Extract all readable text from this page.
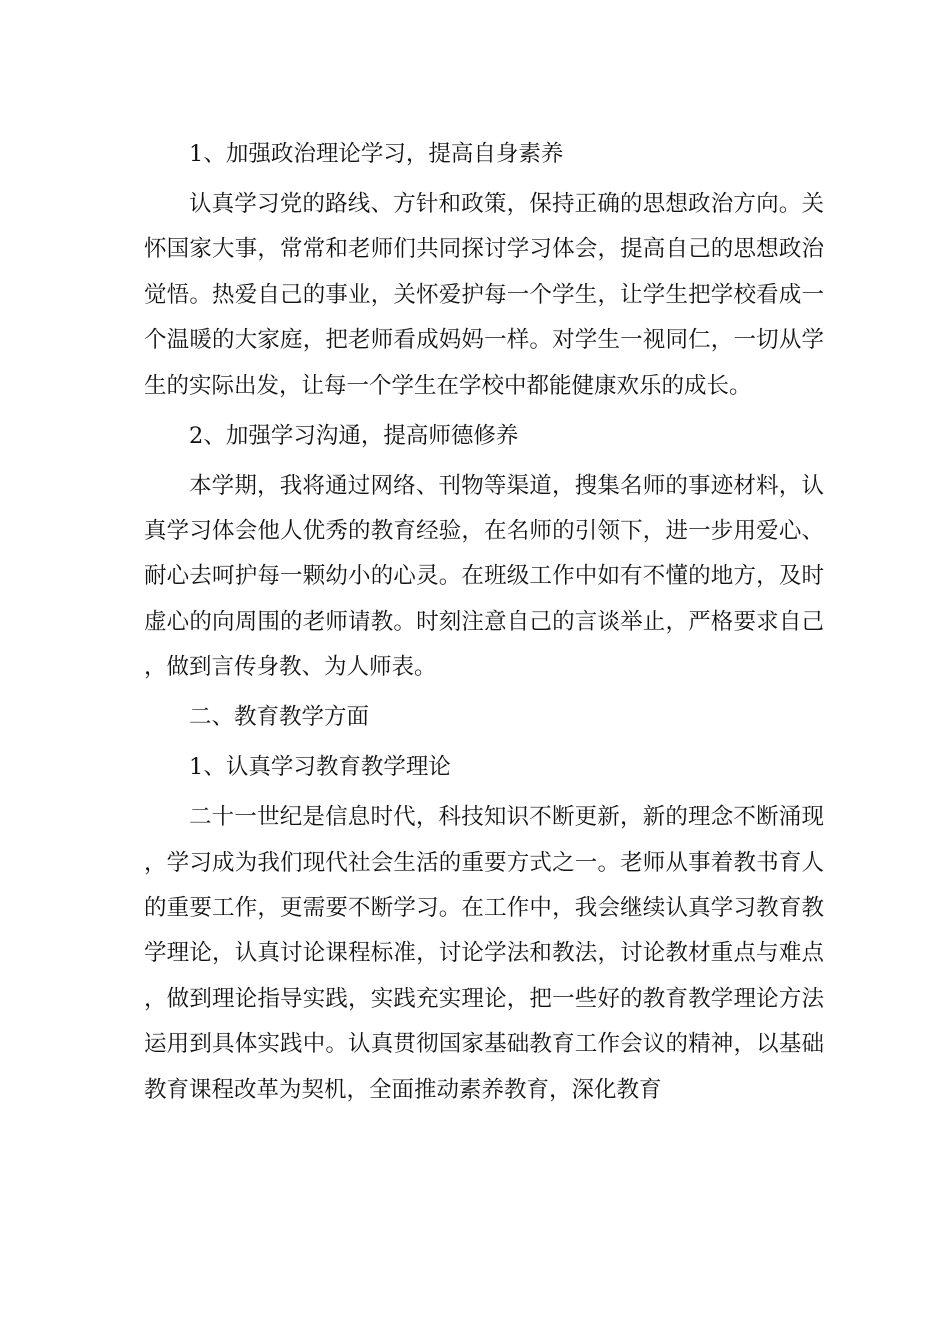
1、加强政治理论学习，提高自身素养

认真学习党的路线、方针和政策，保持正确的思想政治方向。关怀国家大事，常常和老师们共同探讨学习体会，提高自己的思想政治觉悟。热爱自己的事业，关怀爱护每一个学生，让学生把学校看成一个温暖的大家庭，把老师看成妈妈一样。对学生一视同仁，一切从学生的实际出发，让每一个学生在学校中都能健康欢乐的成长。

2、加强学习沟通，提高师德修养

本学期，我将通过网络、刊物等渠道，搜集名师的事迹材料，认真学习体会他人优秀的教育经验，在名师的引领下，进一步用爱心、耐心去呵护每一颗幼小的心灵。在班级工作中如有不懂的地方，及时虚心的向周围的老师请教。时刻注意自己的言谈举止，严格要求自己，做到言传身教、为人师表。

二、教育教学方面

1、认真学习教育教学理论

二十一世纪是信息时代，科技知识不断更新，新的理念不断涌现，学习成为我们现代社会生活的重要方式之一。老师从事着教书育人的重要工作，更需要不断学习。在工作中，我会继续认真学习教育教学理论，认真讨论课程标准，讨论学法和教法，讨论教材重点与难点，做到理论指导实践，实践充实理论，把一些好的教育教学理论方法运用到具体实践中。认真贯彻国家基础教育工作会议的精神，以基础教育课程改革为契机，全面推动素养教育，深化教育
